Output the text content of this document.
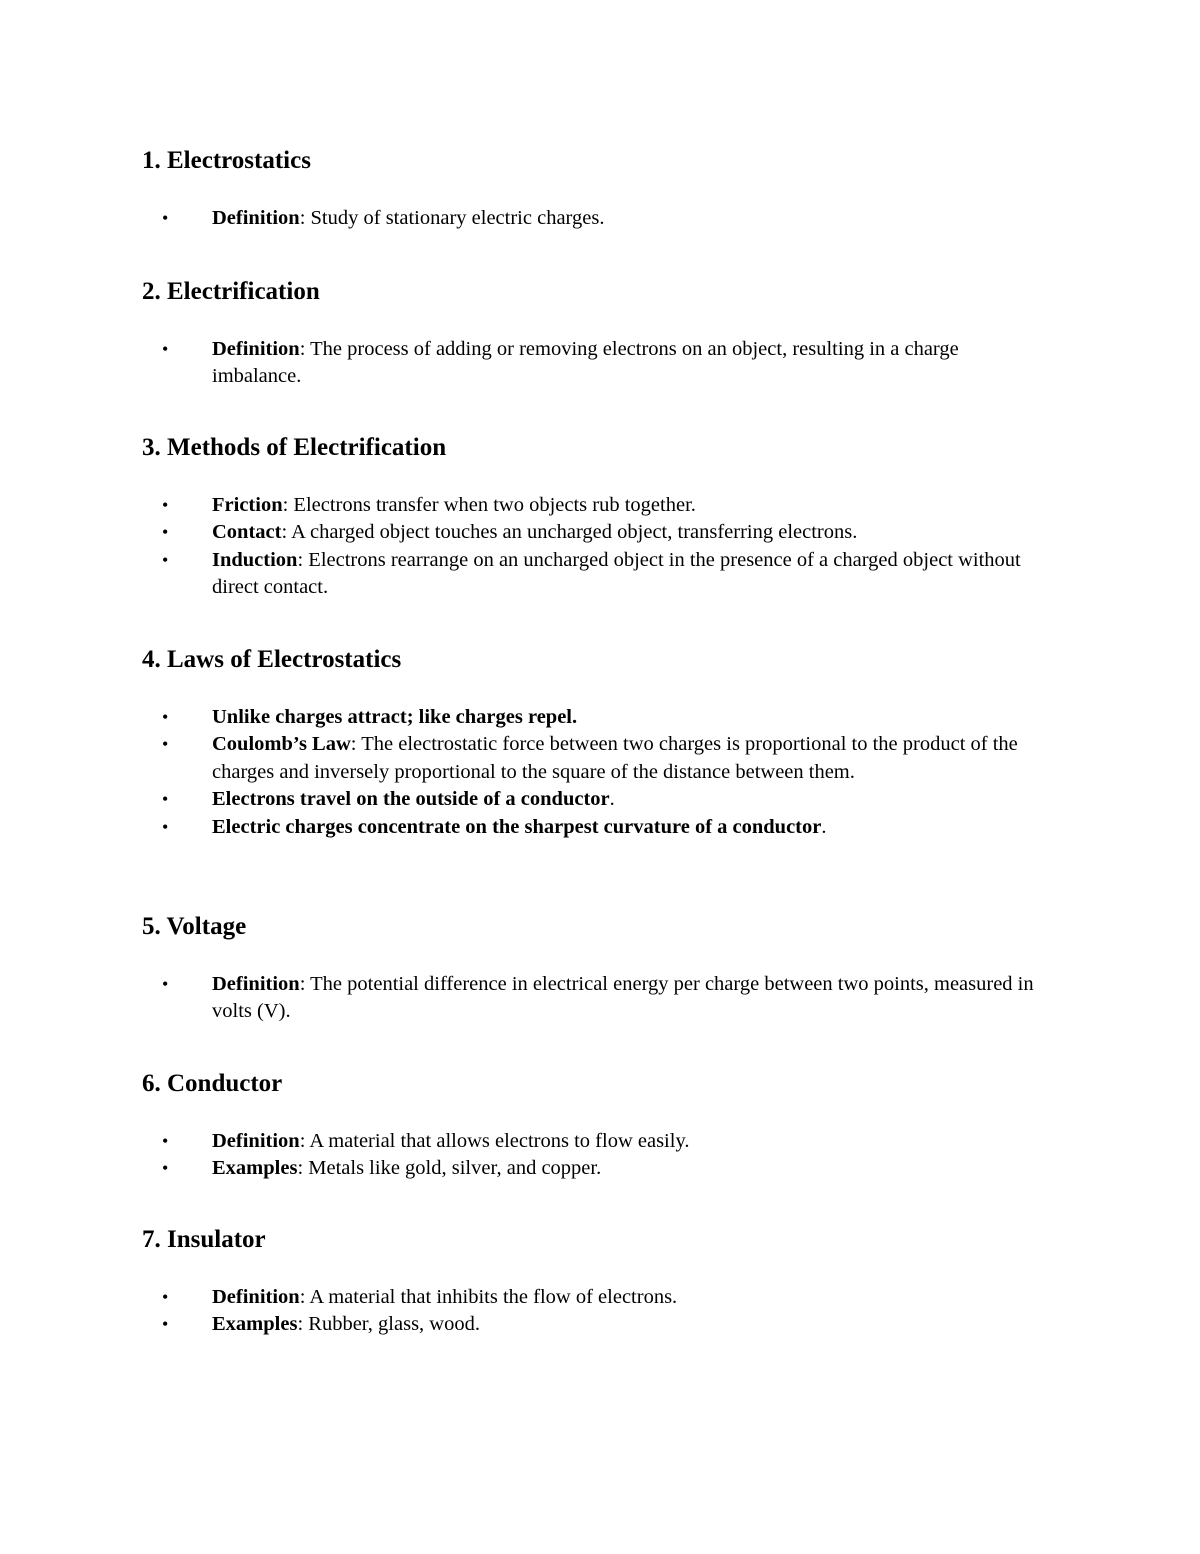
1. Electrostatics
• Definition: Study of stationary electric charges.
2. Electrification
• Definition: The process of adding or removing electrons on an object, resulting in a charge imbalance.
3. Methods of Electrification
• Friction: Electrons transfer when two objects rub together.
• Contact: A charged object touches an uncharged object, transferring electrons.
• Induction: Electrons rearrange on an uncharged object in the presence of a charged object without direct contact.
4. Laws of Electrostatics
• Unlike charges attract; like charges repel.
• Coulomb’s Law: The electrostatic force between two charges is proportional to the product of the charges and inversely proportional to the square of the distance between them.
• Electrons travel on the outside of a conductor.
• Electric charges concentrate on the sharpest curvature of a conductor.
5. Voltage
• Definition: The potential difference in electrical energy per charge between two points, measured in volts (V).
6. Conductor
• Definition: A material that allows electrons to flow easily.
• Examples: Metals like gold, silver, and copper.
7. Insulator
• Definition: A material that inhibits the flow of electrons.
• Examples: Rubber, glass, wood.
